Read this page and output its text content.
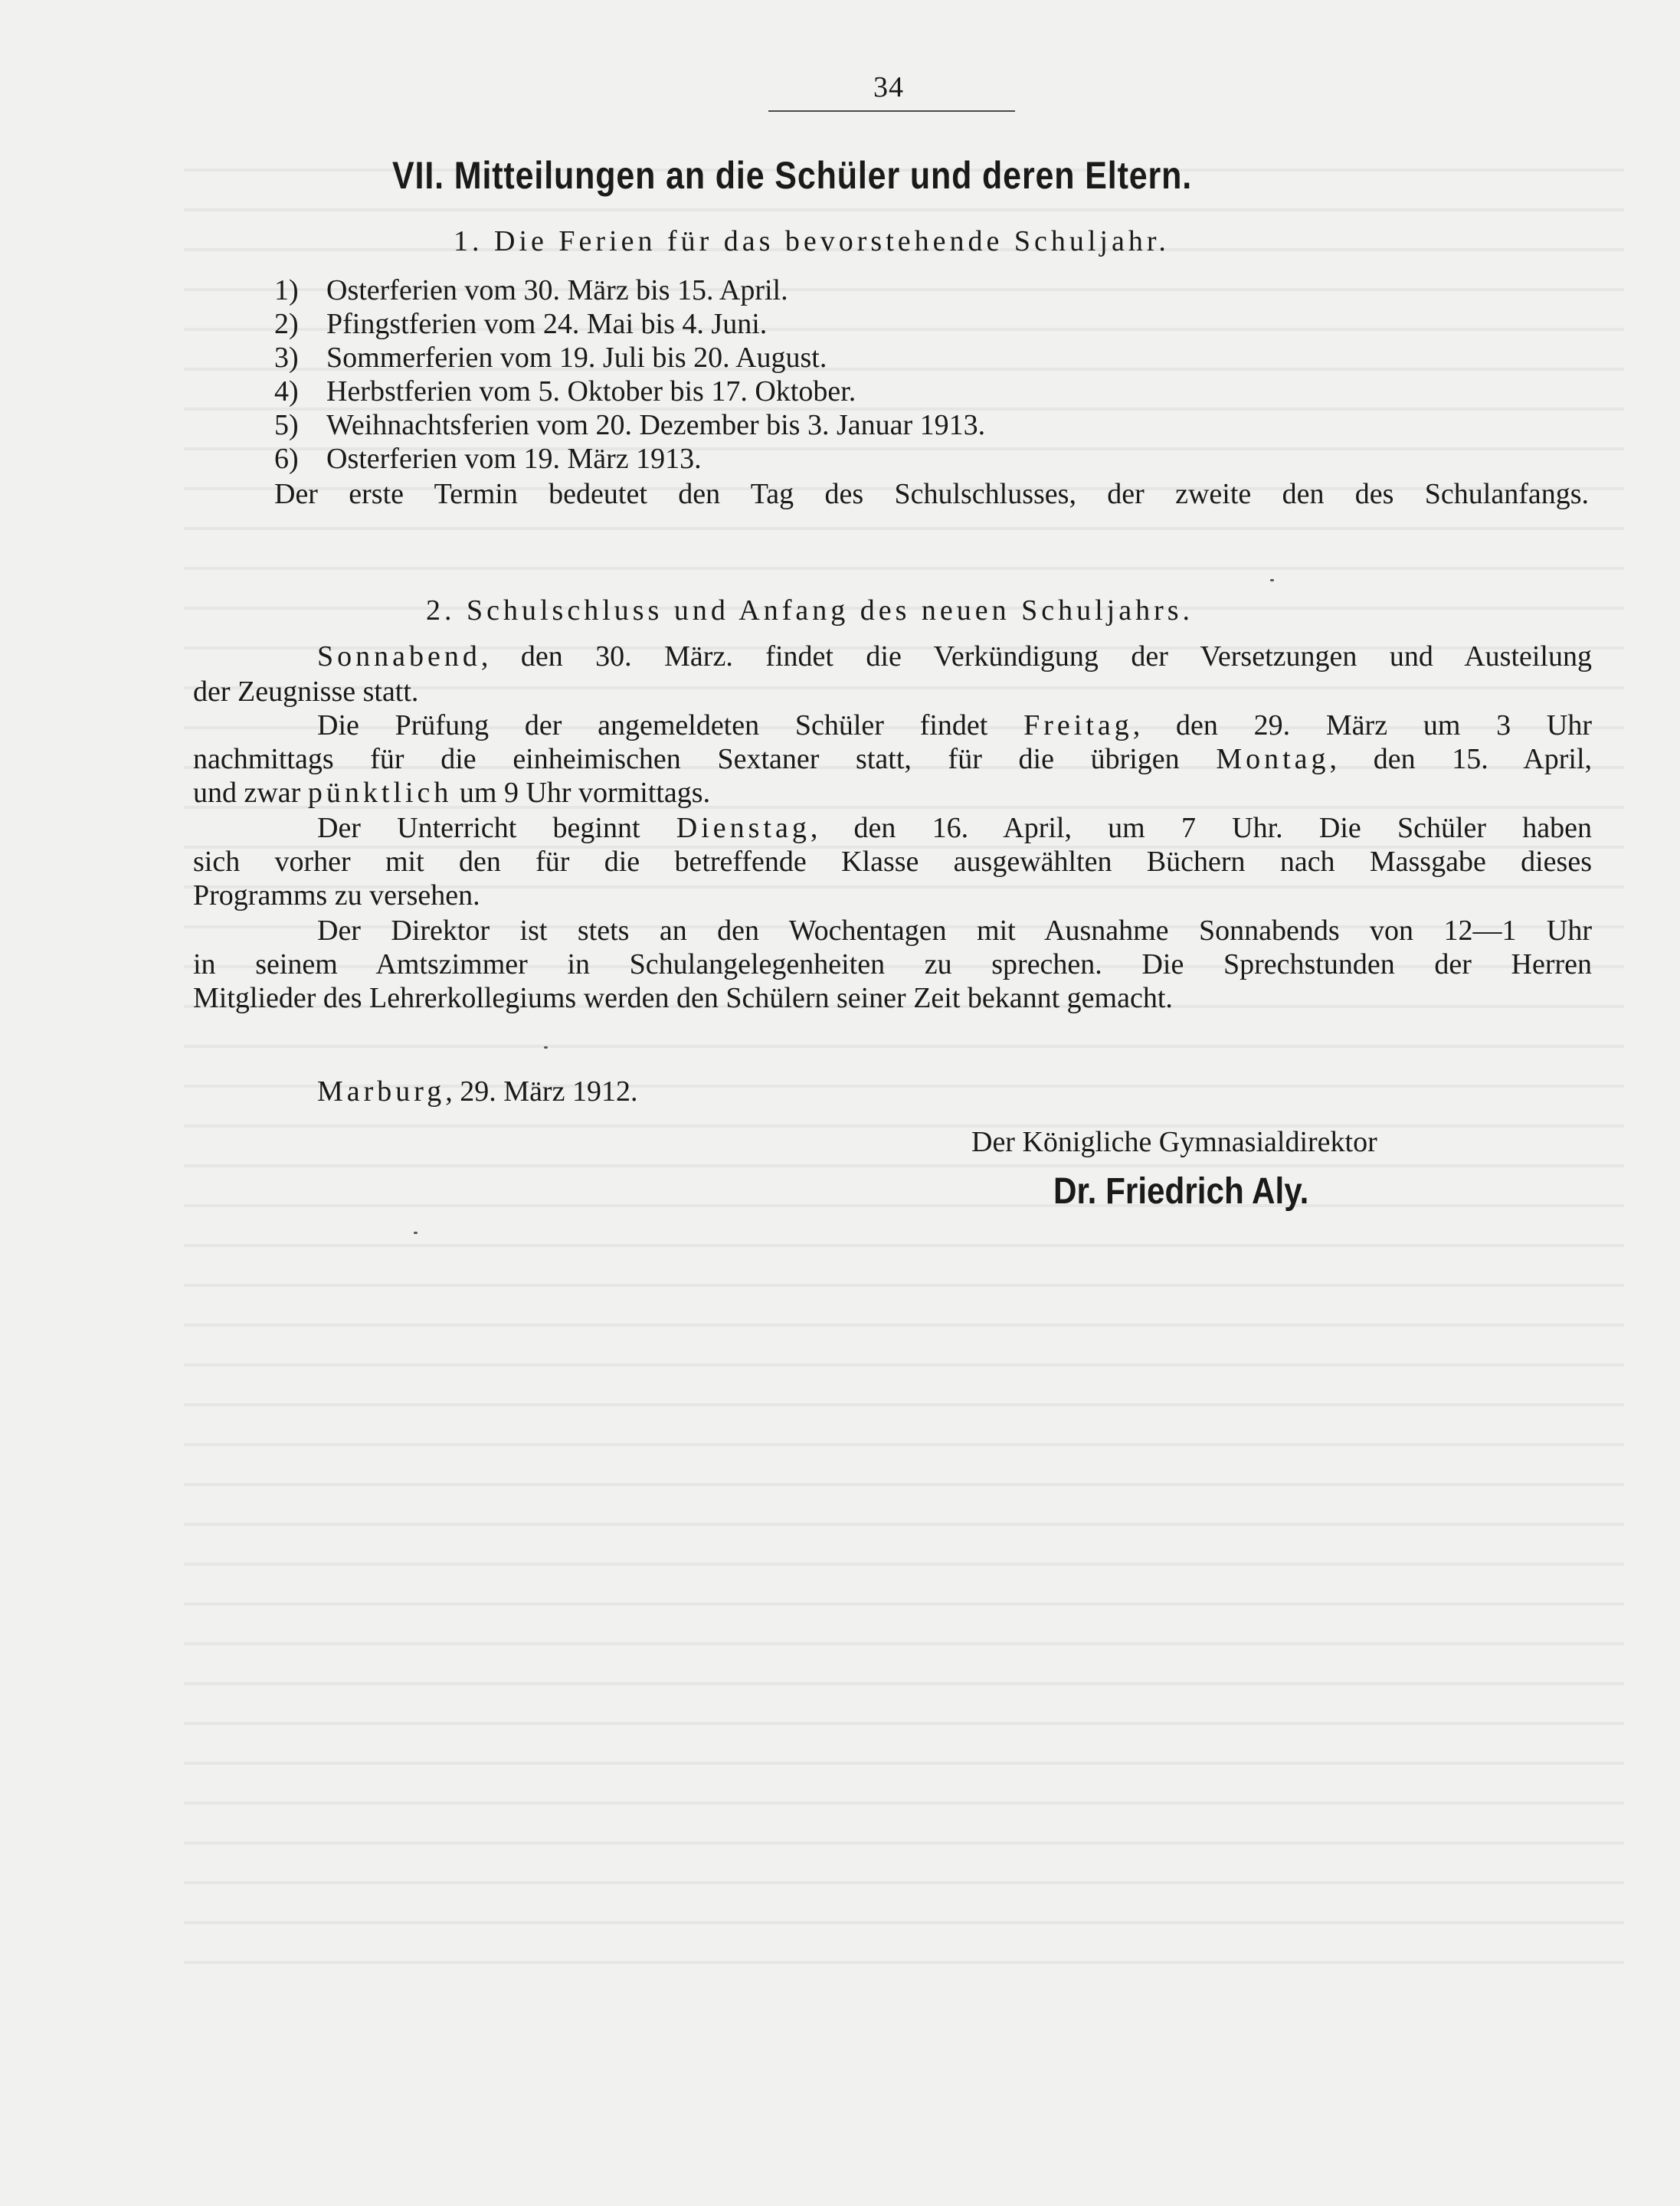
34
VII. Mitteilungen an die Schüler und deren Eltern.
1. Die Ferien für das bevorstehende Schuljahr.
1) Osterferien vom 30. März bis 15. April.
2) Pfingstferien vom 24. Mai bis 4. Juni.
3) Sommerferien vom 19. Juli bis 20. August.
4) Herbstferien vom 5. Oktober bis 17. Oktober.
5) Weihnachtsferien vom 20. Dezember bis 3. Januar 1913.
6) Osterferien vom 19. März 1913.
Der erste Termin bedeutet den Tag des Schulschlusses, der zweite den des Schulanfangs.
2. Schulschluss und Anfang des neuen Schuljahrs.
Sonnabend, den 30. März. findet die Verkündigung der Versetzungen und Austeilung
der Zeugnisse statt.
Die Prüfung der angemeldeten Schüler findet Freitag, den 29. März um 3 Uhr
nachmittags für die einheimischen Sextaner statt, für die übrigen Montag, den 15. April,
und zwar pünktlich um 9 Uhr vormittags.
Der Unterricht beginnt Dienstag, den 16. April, um 7 Uhr. Die Schüler haben
sich vorher mit den für die betreffende Klasse ausgewählten Büchern nach Massgabe dieses
Programms zu versehen.
Der Direktor ist stets an den Wochentagen mit Ausnahme Sonnabends von 12—1 Uhr
in seinem Amtszimmer in Schulangelegenheiten zu sprechen. Die Sprechstunden der Herren
Mitglieder des Lehrerkollegiums werden den Schülern seiner Zeit bekannt gemacht.
Marburg, 29. März 1912.
Der Königliche Gymnasialdirektor
Dr. Friedrich Aly.
